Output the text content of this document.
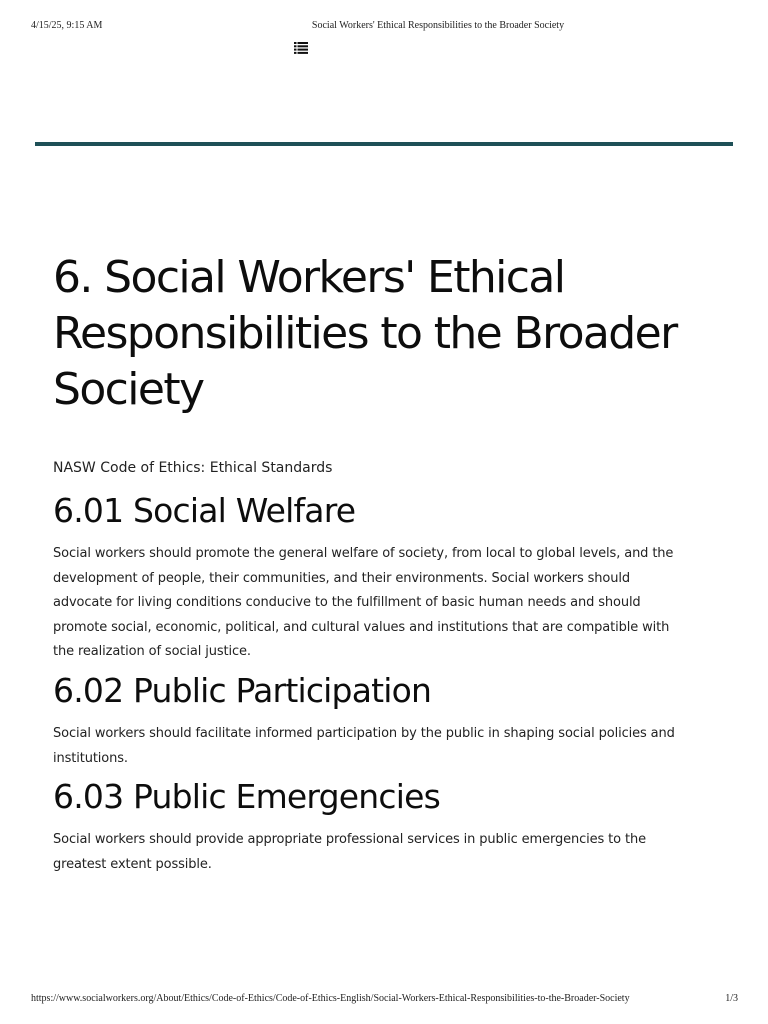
4/15/25, 9:15 AM	Social Workers' Ethical Responsibilities to the Broader Society
6. Social Workers' Ethical Responsibilities to the Broader Society

NASW Code of Ethics: Ethical Standards

6.01 Social Welfare

Social workers should promote the general welfare of society, from local to global levels, and the development of people, their communities, and their environments. Social workers should advocate for living conditions conducive to the fulfillment of basic human needs and should promote social, economic, political, and cultural values and institutions that are compatible with the realization of social justice.

6.02 Public Participation

Social workers should facilitate informed participation by the public in shaping social policies and institutions.

6.03 Public Emergencies

Social workers should provide appropriate professional services in public emergencies to the greatest extent possible.

https://www.socialworkers.org/About/Ethics/Code-of-Ethics/Code-of-Ethics-English/Social-Workers-Ethical-Responsibilities-to-the-Broader-Society	1/3
